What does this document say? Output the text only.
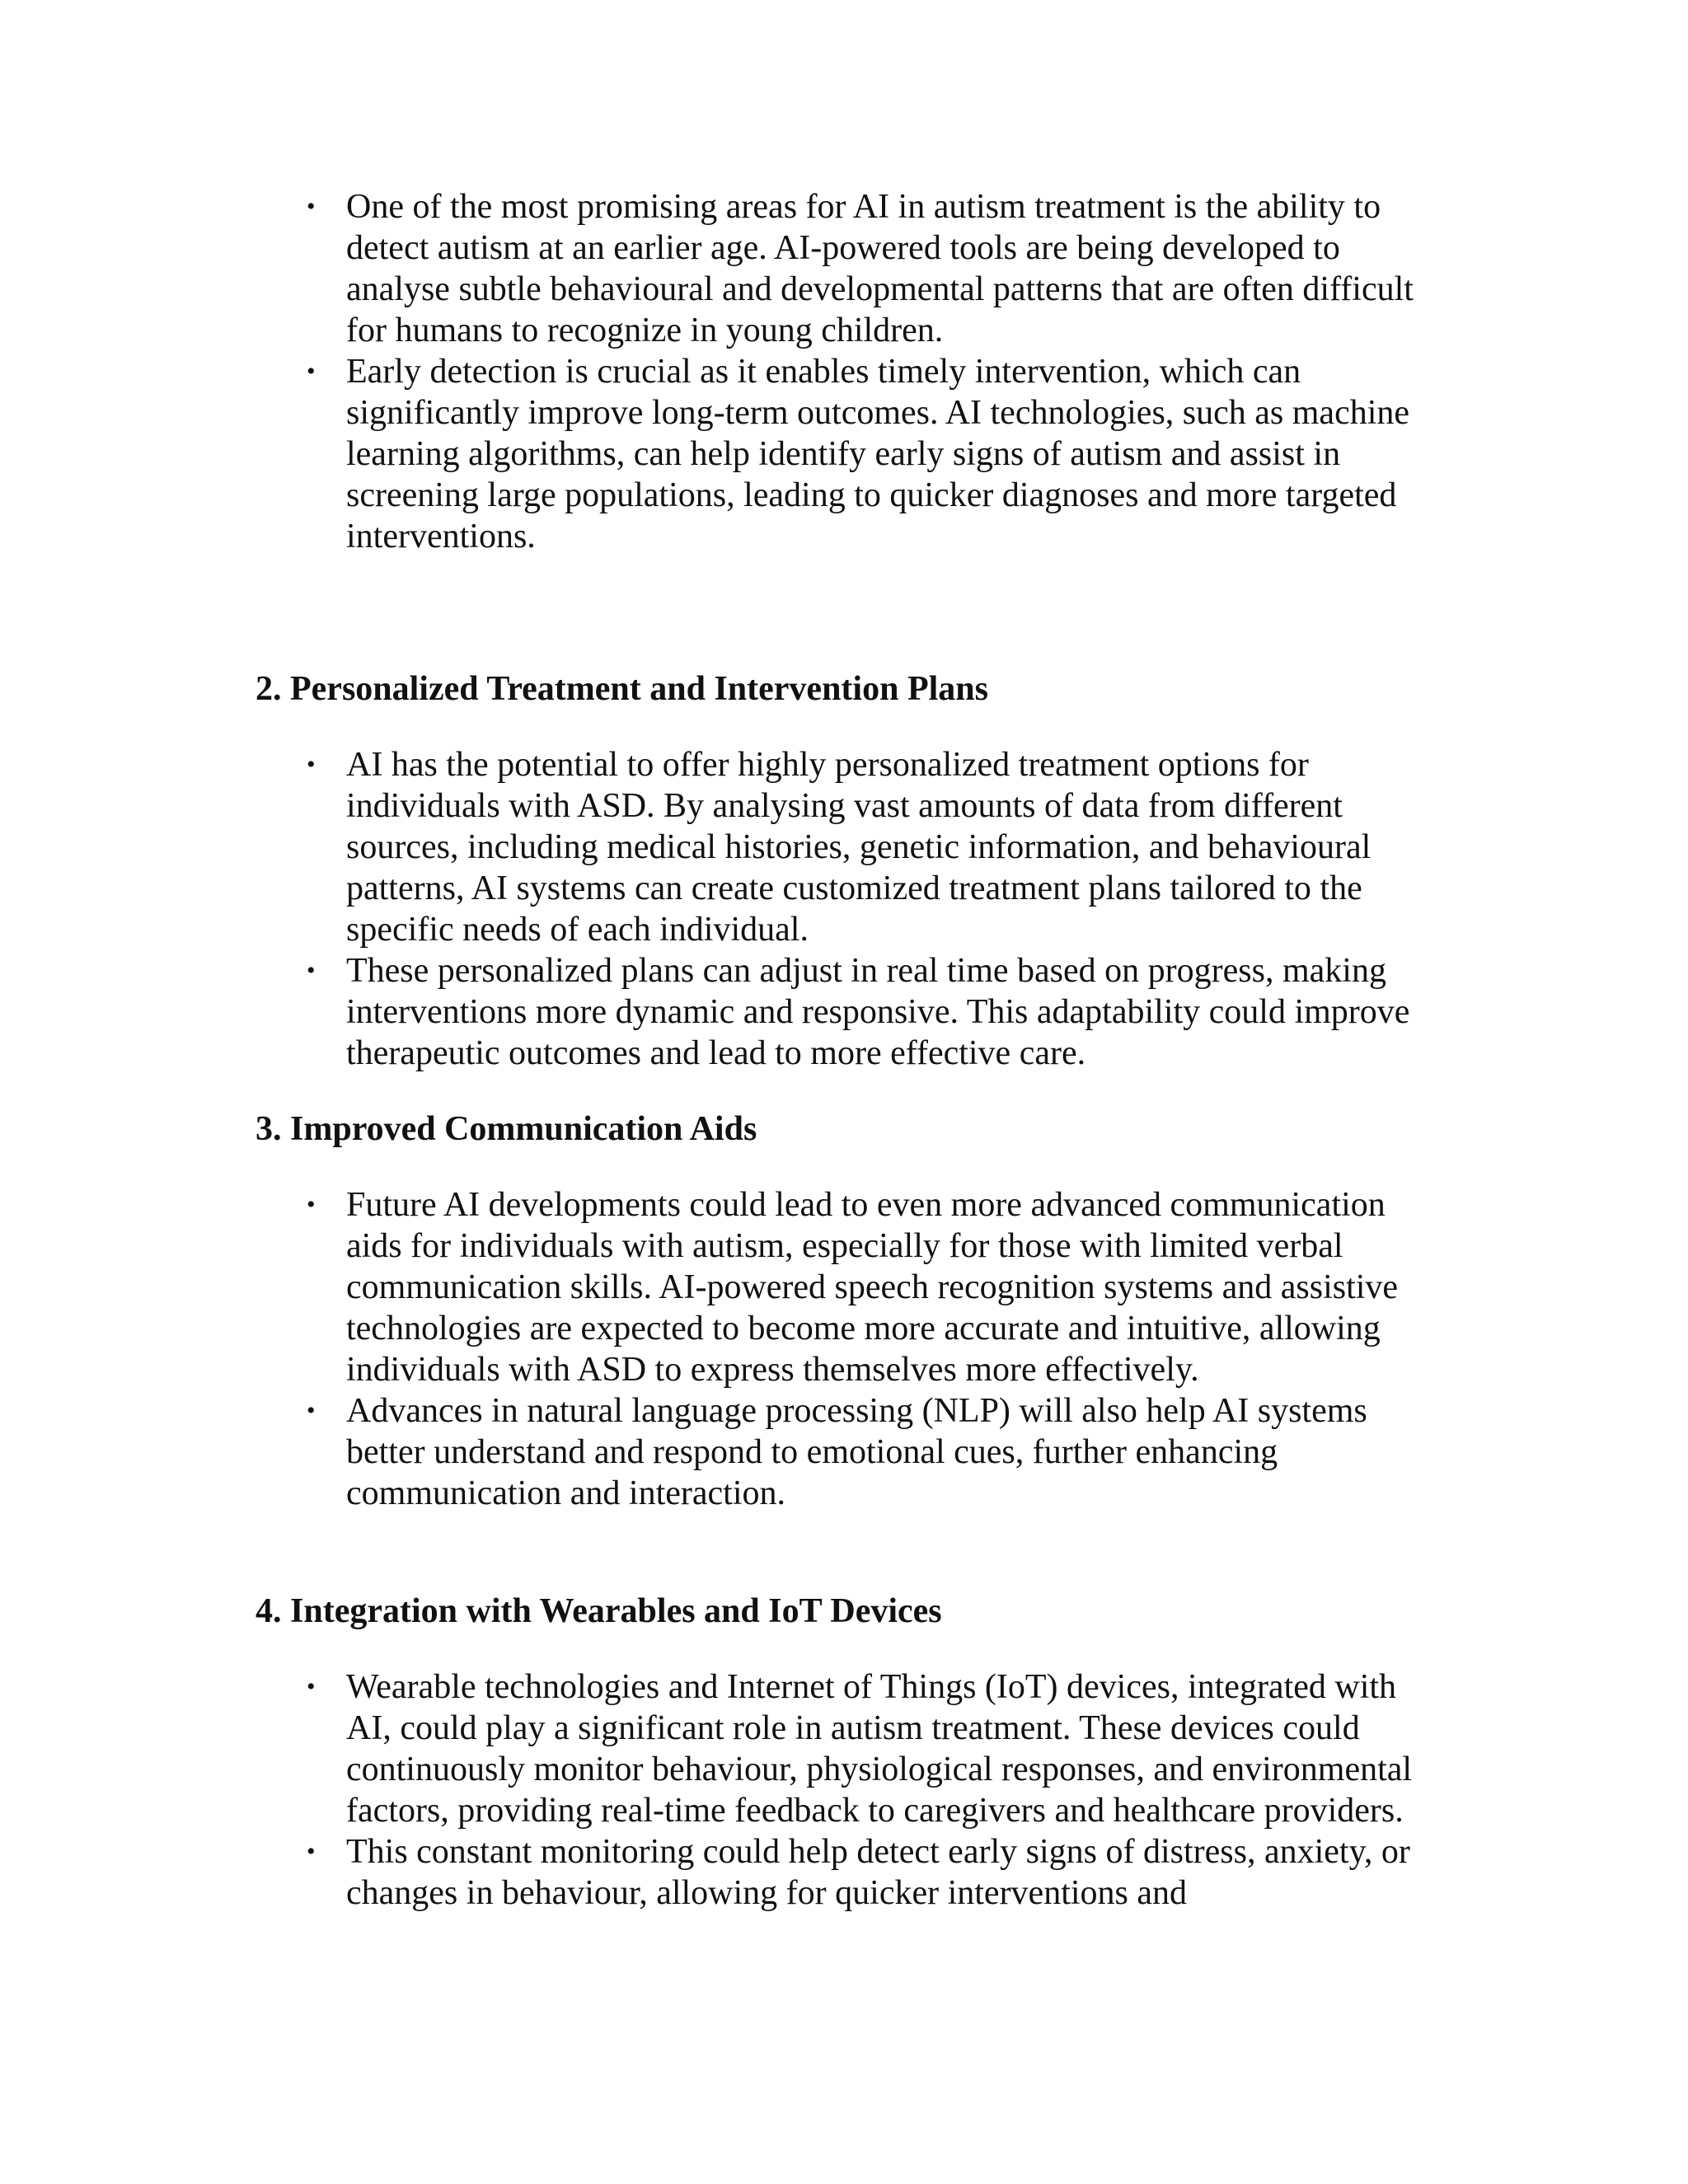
• One of the most promising areas for AI in autism treatment is the ability to detect autism at an earlier age. AI-powered tools are being developed to analyse subtle behavioural and developmental patterns that are often difficult for humans to recognize in young children.
• Early detection is crucial as it enables timely intervention, which can significantly improve long-term outcomes. AI technologies, such as machine learning algorithms, can help identify early signs of autism and assist in screening large populations, leading to quicker diagnoses and more targeted interventions.
2. Personalized Treatment and Intervention Plans
• AI has the potential to offer highly personalized treatment options for individuals with ASD. By analysing vast amounts of data from different sources, including medical histories, genetic information, and behavioural patterns, AI systems can create customized treatment plans tailored to the specific needs of each individual.
• These personalized plans can adjust in real time based on progress, making interventions more dynamic and responsive. This adaptability could improve therapeutic outcomes and lead to more effective care.
3. Improved Communication Aids
• Future AI developments could lead to even more advanced communication aids for individuals with autism, especially for those with limited verbal communication skills. AI-powered speech recognition systems and assistive technologies are expected to become more accurate and intuitive, allowing individuals with ASD to express themselves more effectively.
• Advances in natural language processing (NLP) will also help AI systems better understand and respond to emotional cues, further enhancing communication and interaction.
4. Integration with Wearables and IoT Devices
• Wearable technologies and Internet of Things (IoT) devices, integrated with AI, could play a significant role in autism treatment. These devices could continuously monitor behaviour, physiological responses, and environmental factors, providing real-time feedback to caregivers and healthcare providers.
• This constant monitoring could help detect early signs of distress, anxiety, or changes in behaviour, allowing for quicker interventions and
